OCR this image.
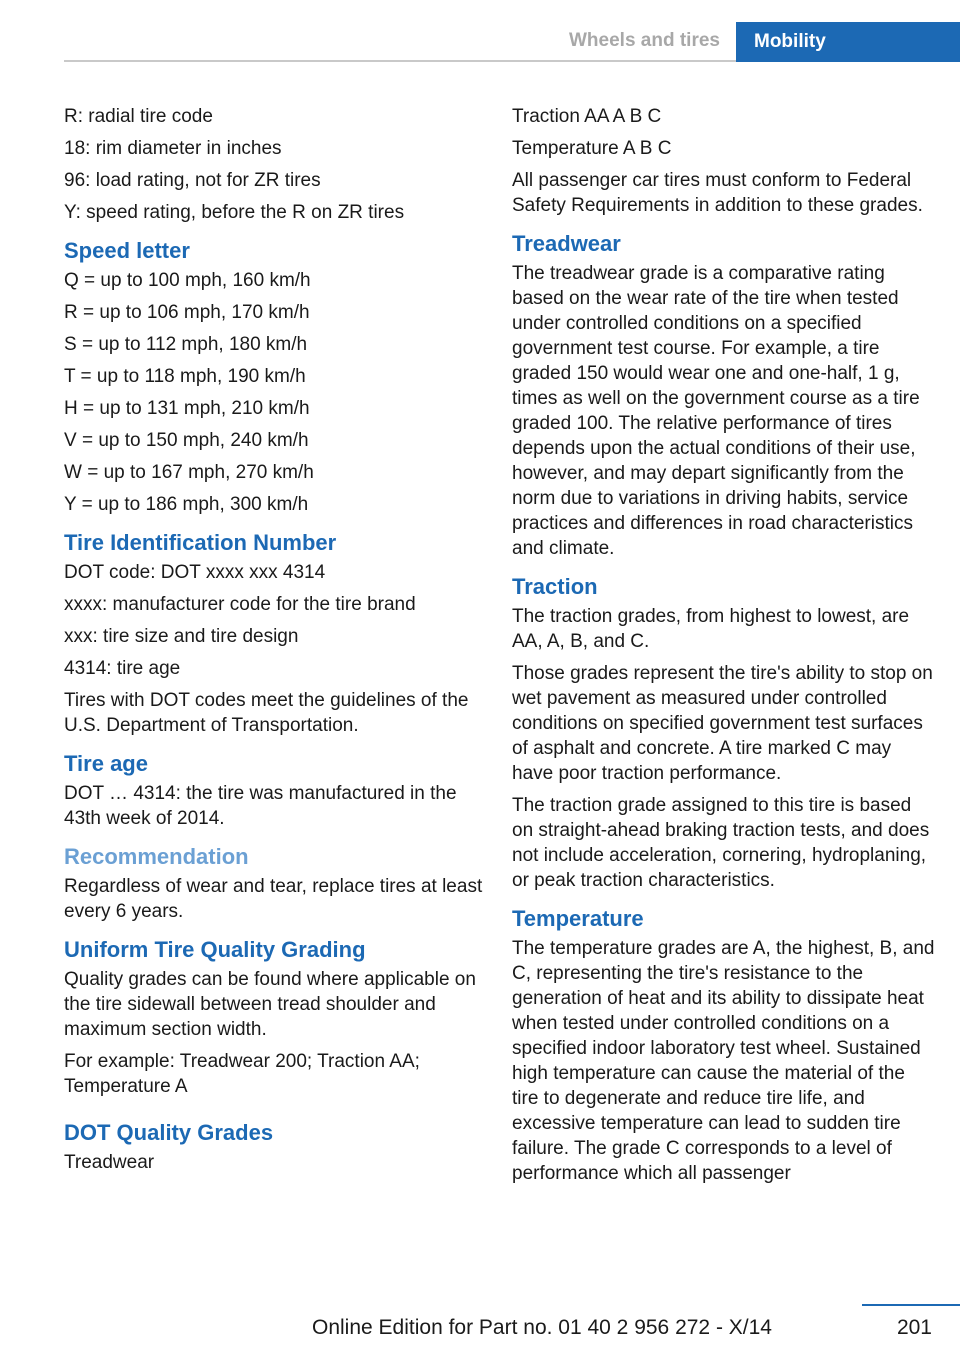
Wheels and tires Mobility

R: radial tire code

18: rim diameter in inches

96: load rating, not for ZR tires

Y: speed rating, before the R on ZR tires

Speed letter

Q = up to 100 mph, 160 km/h

R = up to 106 mph, 170 km/h

S = up to 112 mph, 180 km/h

T = up to 118 mph, 190 km/h

H = up to 131 mph, 210 km/h

V = up to 150 mph, 240 km/h

W = up to 167 mph, 270 km/h

Y = up to 186 mph, 300 km/h

Tire Identification Number

DOT code: DOT xxxx xxx 4314

xxxx: manufacturer code for the tire brand

xxx: tire size and tire design

4314: tire age

Tires with DOT codes meet the guidelines of the U.S. Department of Transportation.

Tire age

DOT … 4314: the tire was manufactured in the 43th week of 2014.

Recommendation

Regardless of wear and tear, replace tires at least every 6 years.

Uniform Tire Quality Grading

Quality grades can be found where applicable on the tire sidewall between tread shoulder and maximum section width.

For example: Treadwear 200; Traction AA; Temperature A

DOT Quality Grades

Treadwear

Traction AA A B C

Temperature A B C

All passenger car tires must conform to Federal Safety Requirements in addition to these grades.

Treadwear

The treadwear grade is a comparative rating based on the wear rate of the tire when tested under controlled conditions on a specified government test course. For example, a tire graded 150 would wear one and one-half, 1 g, times as well on the government course as a tire graded 100. The relative performance of tires depends upon the actual conditions of their use, however, and may depart significantly from the norm due to variations in driving habits, service practices and differences in road characteristics and climate.

Traction

The traction grades, from highest to lowest, are AA, A, B, and C.

Those grades represent the tire's ability to stop on wet pavement as measured under controlled conditions on specified government test surfaces of asphalt and concrete. A tire marked C may have poor traction performance.

The traction grade assigned to this tire is based on straight-ahead braking traction tests, and does not include acceleration, cornering, hydroplaning, or peak traction characteristics.

Temperature

The temperature grades are A, the highest, B, and C, representing the tire's resistance to the generation of heat and its ability to dissipate heat when tested under controlled conditions on a specified indoor laboratory test wheel. Sustained high temperature can cause the material of the tire to degenerate and reduce tire life, and excessive temperature can lead to sudden tire failure. The grade C corresponds to a level of performance which all passenger

201
Online Edition for Part no. 01 40 2 956 272 - X/14
